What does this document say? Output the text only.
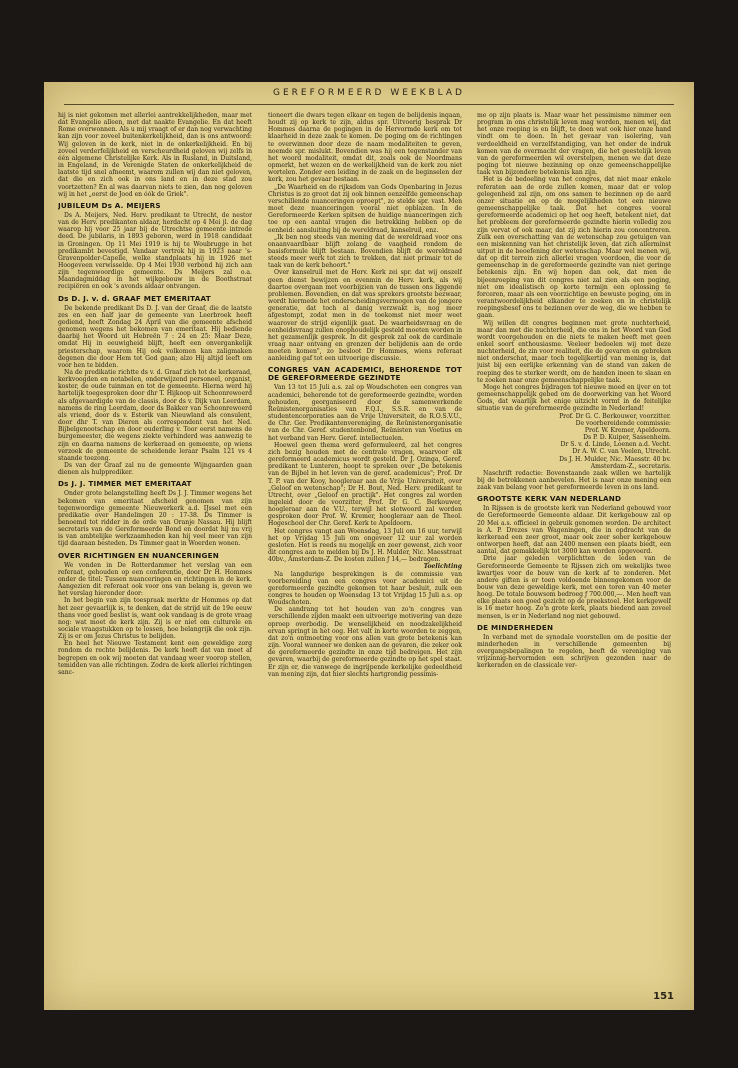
GEREFORMEERD WEEKBLAD

hij is niet gekomen met allerlei aantrekkelijkheden, maar met dat Evangelie alleen, met dat naakte Evangelie. En dat heeft Rome overwonnen. Als u mij vraagt of er dan nog verwachting kan zijn voor zoveel buitenkerkelijkheid, dan is ons antwoord: Wij geloven in de kerk, niet in de onkerkelijkheid. En bij zoveel verderfelijkheid en verscheurdheid geloven wij zelfs in één algemene Christelijke Kerk. Als in Rusland, in Duitsland, in Engeland, in de Verenigde Staten de onkerkelijkheid de laatste tijd snel afneemt, waarom zullen wij dan niet geloven, dat die en zich ook in ons land en in deze stad zou voortzetten? En al was daarvan niets te zien, dan nog geloven wij in het „eerst de Jood en óók de Griek".

JUBILEUM Ds A. MEIJERS

Ds A. Meijers, Ned. Herv. predikant te Utrecht, de nestor van de Herv. predikanten aldaar, herdacht op 4 Mei jl. de dag waarop hij voor 25 jaar bij de Utrechtse gemeente intrede deed. De jubilaris, in 1893 geboren, werd in 1918 candidaat in Groningen. Op 11 Mei 1919 is hij te Woubrugge in het predikambt bevestigd. Vandaar vertrok hij in 1923 naar 's-Gravenpolder-Capelle, welke standplaats hij in 1926 met Hoogeveen verwisselde. Op 4 Mei 1930 verbond hij zich aan zijn tegenwoordige gemeente. Ds Meijers zal o.a. Maandagmiddag in het wijkgebouw in de Boothstraat recipiëren en ook 's avonds aldaar ontvangen.

Ds D. J. v. d. GRAAF MET EMERITAAT

De bekende predikant Ds D. J. van der Graaf, die de laatste zes en een half jaar de gemeente van Leerbroek heeft gediend, heeft Zondag 24 April van die gemeente afscheid genomen wegens het bekomen van emeritaat. Hij bediende daarbij het Woord uit Hebreën 7 : 24 en 25: Maar Deze, omdat Hij in eeuwigheid blijft, heeft een onvergankelijk priesterschap, waarom Hij ook volkomen kan zaligmaken degenen die door Hem tot God gaan; alzo Hij altijd leeft om voor hen te bidden.

Na de predikatie richtte ds v. d. Graaf zich tot de kerkeraad, kerkvoogden en notabelen, onderwijzend personeel, organist, koster, de oude tuinman en tot de gemeente. Hierna werd hij hartelijk toegesproken door dhr T. Hijkoop uit Schoonrewoerd als afgevaardigde van de classis, door ds v. Dijk van Leerdam, namens de ring Leerdam, door ds Bakker van Schoonrewoerd als vriend, door ds v. Esterik van Nieuwland als consulent, door dhr T. van Dieren als correspondent van het Ned. Bijbelgenootschap en door ouderling v. Toor eerst namens de burgemeester, die wegens ziekte verhinderd was aanwezig te zijn en daarna namens de kerkeraad en gemeente, op wiens verzoek de gemeente de scheidende leraar Psalm 121 vs 4 staande toezong.

Ds van der Graaf zal nu de gemeente Wijngaarden gaan dienen als hulpprediker.

Ds J. J. TIMMER MET EMERITAAT

Onder grote belangstelling heeft Ds J. J. Timmer wegens het bekomen van emeritaat afscheid genomen van zijn tegenwoordige gemeente Nieuwerkerk a.d. IJssel met een predikatie over Handelingen 20 : 17-38. Ds Timmer is benoemd tot ridder in de orde van Oranje Nassau. Hij blijft secretaris van de Gereformeerde Bond en doordat hij nu vrij is van ambtelijke werkzaamheden kan hij veel meer van zijn tijd daaraan besteden. Ds Timmer gaat in Woerden wonen.

OVER RICHTINGEN EN NUANCERINGEN

We vonden in De Rotterdammer het verslag van een referaat, gehouden op een conferentie, door Dr H. Hommes onder de titel: Tussen nuanceringen en richtingen in de kerk. Aangezien dit referaat ook voor ons van belang is, geven we het verslag hieronder door:

In het begin van zijn toespraak merkte dr Hommes op dat het zeer gevaarlijk is, te denken, dat de strijd uit de 19e eeuw thans voor goed beslist is, want ook vandaag is de grote vraag nog: wat moet de kerk zijn. Zij is er niet om culturele en sociale vraagstukken op te lossen, hoe belangrijk die ook zijn. Zij is er om Jezus Christus te belijden.

En heel het Nieuwe Testament kent een geweldige zorg rondom de rechte belijdenis. De kerk heeft dat van meet af begrepen en ook wij moeten dat vandaag weer voorop stellen, temidden van alle richtingen. Zodra de kerk allerlei richtingen sanc-

tioneert die dwars tegen elkaar en tegen de belijdenis ingaan, houdt zij op kerk te zijn, aldus spr. Uitvoerig besprak Dr Hommes daarna de pogingen in de Hervormde kerk om tot klaarheid in deze zaak te komen. De poging om de richtingen te overwinnen door deze de naam modaliteiten te geven, noemde spr. mislukt. Bovendien was hij een tegenstander van het woord modaliteit, omdat dit, zoals ook de Noordmans opmerkt, het wezen en de werkelijkheid van de kerk zou niet wortelen. Zonder een leiding in de zaak en de beginselen der kerk, zou het gevaar bestaan.

„De Waarheid en de rijksdom van Gods Openbaring in Jezus Christus is zo groot dat zij ook binnen eenzelfde gemeenschap verschillende nuanceringen oproept", zo stelde spr. vast. Men moet deze nuanceringen vooral niet opblazen. In de Gereformeerde Kerken spitsen de huidige nuanceringen zich toe op een aantal vragen die betrekking hebben op de eenheid: aansluiting bij de wereldraad, kanselruil, enz.

„Ik ben nog steeds van mening dat de wereldraad voor ons onaanvaardbaar blijft zolang de vaagheid rondom de basisformule blijft bestaan. Bovendien blijft de wereldraad steeds meer werk tot zich te trekken, dat niet primair tot de taak van de kerk behoort."

Over kanselruil met de Herv. Kerk zei spr. dat wij onszelf geen dienst bewijzen en evenmin de Herv. kerk, als wij daartoe overgaan met voorbijzien van de tussen ons liggende problemen. Bovendien, en dat was sprekers grootste bezwaar, wordt hiermede het onderscheidingsvermogen van de jongere generatie, dat toch al danig verzwakt is, nog meer afgestompt, zodat men in de toekomst niet meer weet waarover de strijd eigenlijk gaat. De waarheidsvraag en de eenheidsvraag zullen onophoudelijk gesteld moeten worden in het gezamenlijk gesprek. In dit gesprek zal ook de cardinale vraag naar ontvang en grenzen der belijdenis aan de orde moeten komen", zo besloot Dr Hommes, wiens referaat aanleiding gaf tot een uitvoerige discussie.

CONGRES VAN ACADEMICI, BEHORENDE TOT DE GEREFORMEERDE GEZINDTE

Van 13 tot 15 Juli a.s. zal op Woudschoten een congres van academici, behorende tot de gereformeerde gezindte, worden gehouden, georganiseerd door de samenwerkende Reünistenorganisaties van F.Q.I., S.S.R. en van de studentencorporaties aan de Vrije Universiteit, de R.O.S.V.U., de Chr. Ger. Predikantenvereniging, de Reünistenorganisatie van de Chr. Geref. studentenbond, Reünisten van Voetius en het verband van Herv. Geref. intellectuelen.

Hoewel geen thema werd geformuleerd, zal het congres zich bezig houden met de centrale vragen, waarvoor elk gereformeerd academicus wordt gesteld. Dr J. Ozinga, Geref. predikant te Lunteren, hoopt te spreken over „De betekenis van de Bijbel in het leven van de geref. academicus"; Prof. Dr T. P. van der Kooy, hoogleraar aan de Vrije Universiteit, over „Geloof en wetenschap"; Dr H. Bout, Ned. Herv. predikant te Utrecht, over „Geloof en practijk". Het congres zal worden ingeleid door de voorzitter, Prof. Dr G. C. Berkouwer, hoogleraar aan de V.U., terwijl het slotwoord zal worden gesproken door Prof. W. Kremer, hoogleraar aan de Theol. Hogeschool der Chr. Geref. Kerk te Apeldoorn.

Het congres vangt aan Woensdag, 13 Juli om 16 uur, terwijl het op Vrijdag 15 Juli om ongeveer 12 uur zal worden gesloten. Het is reeds nu mogelijk en zeer gewenst, zich voor dit congres aan te melden bij Ds J. H. Mulder, Nic. Maesstraat 40bv., Amsterdam-Z. De kosten zullen ƒ 14,— bedragen.

Toelichting

Na langdurige besprekingen is de commissie van voorbereiding van een congres voor academici uit de gereformeerde gezindte gekomen tot haar besluit, zulk een congres te houden op Woensdag 13 tot Vrijdag 15 Juli a.s. op Woudschoten.

De aandrang tot het houden van zo'n congres van verschillende zijden maakt een uitvoerige motivering van deze oproep overbodig. De wenselijkheid en noodzakelijkheid ervan springt in het oog. Het valt in korte woorden te zeggen, dat zo'n ontmoeting voor ons allen van grote betekenis kan zijn. Vooral wanneer we denken aan de gevaren, die zeker ook de gereformeerde gezindte in onze tijd bedreigen. Het zijn gevaren, waarbij de gereformeerde gezindte op het spel staat. Er zijn er, die vanwege de ingrijpende kerkelijke gedeeldheid van mening zijn, dat hier slechts hartgrondig pessimis-

me op zijn plaats is. Maar waar het pessimisme nimmer een program in ons christelijk leven mag worden, menen wij, dat het onze roeping is en blijft, te doen wat ook hier onze hand vindt om te doen. In het gevaar van isolering, van verdeeldheid en verzelfstandiging, van het onder de indruk komen van de overmacht der vragen, die het geestelijk leven van de gereformeerden wil overstelpen, menen we dat deze poging tot nieuwe bezinning op onze gemeenschappelijke taak van bijzondere betekenis kan zijn.

Het is de bedoeling van het congres, dat niet maar enkele referaten aan de orde zullen komen, maar dat er volop gelegenheid zal zijn, om ons samen te bezinnen op de aard onzer situatie en op de mogelijkheden tot een nieuwe gemeenschappelijke taak. Dat het congres vooral gereformeerde academici op het oog heeft, betekent niet, dat het probleem der gereformeerde gezindte hierin volledig zou zijn vervat of ook maar, dat zij zich hierin zou concentreren. Zulk een overschatting van de wetenschap zou getuigen van een miskenning van het christelijk leven, dat zich allermínst uitput in de beoefening der wetenschap. Maar wel menen wij, dat op dit terrein zich allerlei vragen voordoen, die voor de gemeenschap in de gereformeerde gezindte van niet geringe betekenis zijn. En wij hopen dan ook, dat men de bijeenroeping van dit congres niet zal zien als een poging, niet om idealistisch op korte termijn een oplossing te forceren, maar als een voorzichtige en bewuste poging, om in verantwoordelijkheid elkander te zoeken en in christelijk roepingsbesef ons te bezinnen over de weg, die we hebben te gaan.

Wij willen dit congres beginnen met grote nuchterheid, maar dan met die nuchterheid, die ons in het Woord van God wordt voorgehouden en die niets te maken heeft met geen enkel soort enthousiasme. Veeleer bedoelen wij met deze nuchterheid, de zin voor realiteit, die de gevaren en gebreken niet onderschat, maar toch tegelijkertijd van mening is, dat juist bij een eerlijke erkenning van de stand van zaken de roeping des te sterker wordt, om de handen ineen te slaan en te zoeken naar onze gemeenschappelijke taak.

Moge het congres bijdragen tot nieuwe moed en ijver en tot gemeenschappelijk gebed om de doorwerking van het Woord Gods, dat waarlijk het enige uitzicht vormt in de feitelijke situatie van de gereformeerde gezindte in Nederland!

Prof. Dr G. C. Berkouwer, voorzitter.

De voorbereidende commissie:

Prof. W. Kremer, Apeldoorn.

Ds P. D. Kuiper, Sassenheim.

Dr S. v. d. Linde, Loenen a.d. Vecht.

Dr A. W. C. van Veelen, Utrecht.

Ds J. H. Mulder, Nic. Maesstr. 40 bv.

Amsterdam-Z., secretaris.

Naschrift redactie: Bovenstaande zaak willen we hartelijk bij de betrokkenen aanbevelen. Het is naar onze mening een zaak van belang voor het gereformeerde leven in ons land.

GROOTSTE KERK VAN NEDERLAND

In Rijssen is de grootste kerk van Nederland gebouwd voor de Gereformeerde Gemeente aldaar. Dit kerkgebouw zal op 20 Mei a.s. officieel in gebruik genomen worden. De architect is A. P. Drezes van Wageningen, die in opdracht van de kerkeraad een zeer groot, maar ook zeer sober kerkgebouw ontworpen heeft, dat aan 2400 mensen een plaats biedt, een aantal, dat gemakkelijk tot 3000 kan worden opgevoerd.

Drie jaar geleden verplichtten de leden van de Gereformeerde Gemeente te Rijssen zich om wekelijks twee kwartjes voor de bouw van de kerk af te zonderen. Met andere giften is er toen voldoende binnengekomen voor de bouw van deze geweldige kerk, met een toren van 40 meter hoog. De totale bouwsom bedroeg ƒ 700.000,—. Men heeft van elke plaats een goed gezicht op de preekstoel. Het kerkgewelf is 16 meter hoog. Zo'n grote kerk, plaats biedend aan zoveel mensen, is er in Nederland nog niet gebouwd.

DE MINDERHEDEN

In verband met de synodale voorstellen om de positie der minderheden in verschillende gemeenten bij overgangsbepalingen te regelen, heeft de vereniging van vrijzinnig-hervormden een schrijven gezonden naar de kerkeraden en de classicale ver-

151
